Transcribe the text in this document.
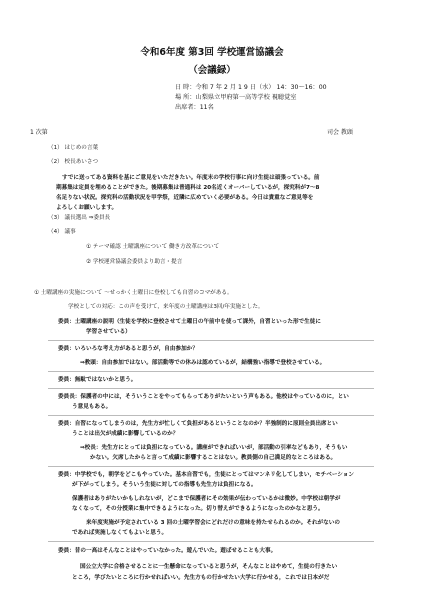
令和6年度 第3回 学校運営協議会
（会議録）
日 時：令和 7 年 2 月 1 9 日（水） 14：30～16：00
場 所：山梨県立甲府第一高等学校 視聴覚室
出席者：11名
1 次第	司会 教頭
（1） はじめの言葉
（2） 校長あいさつ
すでに送ってある資料を基にご意見をいただきたい。年度末の学校行事に向け生徒は頑張っている。前
期募集は定員を埋めることができた。後期募集は普通科は 20名近くオーバーしているが，探究科が7～8
名足りない状況。探究科の活動状況を甲学祭，近隣に広めていく必要がある。今日は貴重なご意見等を
よろしくお願いします。
（3） 議長選出 ⇒委員長
（4） 議事
① テーマ確認 土曜講座について 働き方改革について
② 学校運営協議会委員より助言・提言
① 土曜講座の実施について ～せっかく土曜日に登校しても自習のコマがある。
学校としての対応：この声を受けて，来年度の土曜講座は3回/年実施とした。
委員：土曜講座の説明（生徒を学校に登校させて土曜日の午前中を使って課外，自習といった形で生徒に
学習させている）
委員：いろいろな考え方があると思うが，自由参加か？
⇒教頭：自由参加ではない。部活動等での休みは認めているが，結構強い指導で登校させている。
委員：無駄ではないかと思う。
委員長：保護者の中には，そういうことをやってもらってありがたいという声もある。他校はやっているのに，とい
う意見もある。
委員：自習になってしまうのは，先生方が忙しくて負担があるということなのか？半強制的に原則全員出席とい
うことは出欠が成績に影響しているのか？
⇒校長：先生方にとっては負担になっている。講座ができればいいが，部活動の引率などもあり，そうもい
かない。欠席したからと言って成績に影響することはない。教員側の自己満足的なところはある。
委員：中学校でも，朝学をどこもやっていた。基本自習でも，生徒にとってはマンネリ化してしまい，モチベーション
が下がってしまう。そういう生徒に対しての指導も先生方は負担になる。
保護者はありがたいかもしれないが，どこまで保護者にその効果が伝わっているかは微妙。中学校は朝学が
なくなって，その分授業に集中できるようになった。切り替えができるようになったのかなと思う。
来年度実施が予定されている 3 回の土曜学習会にどれだけの意味を持たせられるのか。それがないの
であれば実施しなくてもよいと思う。
委員：昔の一高はそんなことはやっていなかった。遊んでいた。遊ばせることも大事。
国公立大学に合格させることに一生懸命になっていると思うが，そんなことはやめて，生徒の行きたい
ところ，学びたいところに行かせればいい。先生方もの行かせたい大学に行かせる，これでは日本がだ
